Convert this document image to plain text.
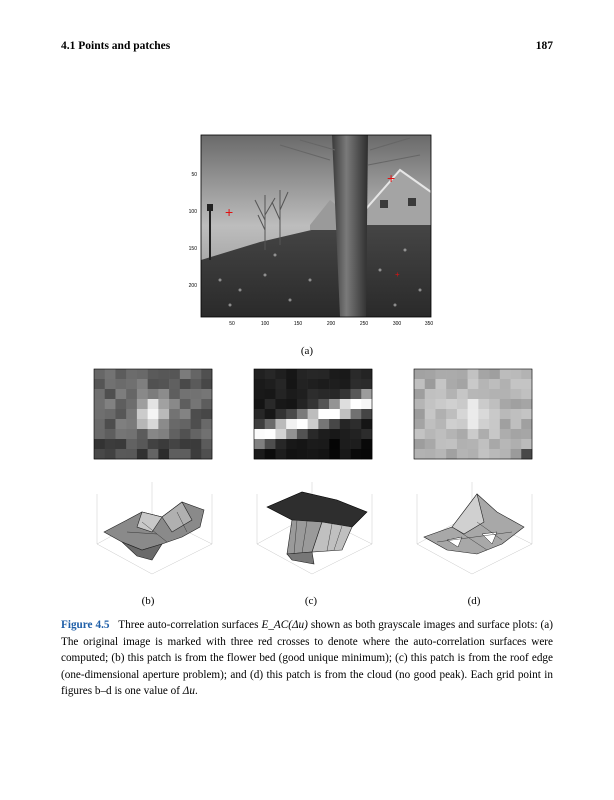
4.1 Points and patches	187
+
+
+
50
100
150
200
50	100	150	200	250	300	350
(a)
(b)	(c)	(d)
Figure 4.5 Three auto-correlation surfaces E_AC(Δu) shown as both grayscale images and surface plots: (a) The original image is marked with three red crosses to denote where the auto-correlation surfaces were computed; (b) this patch is from the flower bed (good unique minimum); (c) this patch is from the roof edge (one-dimensional aperture problem); and (d) this patch is from the cloud (no good peak). Each grid point in figures b–d is one value of Δu.
